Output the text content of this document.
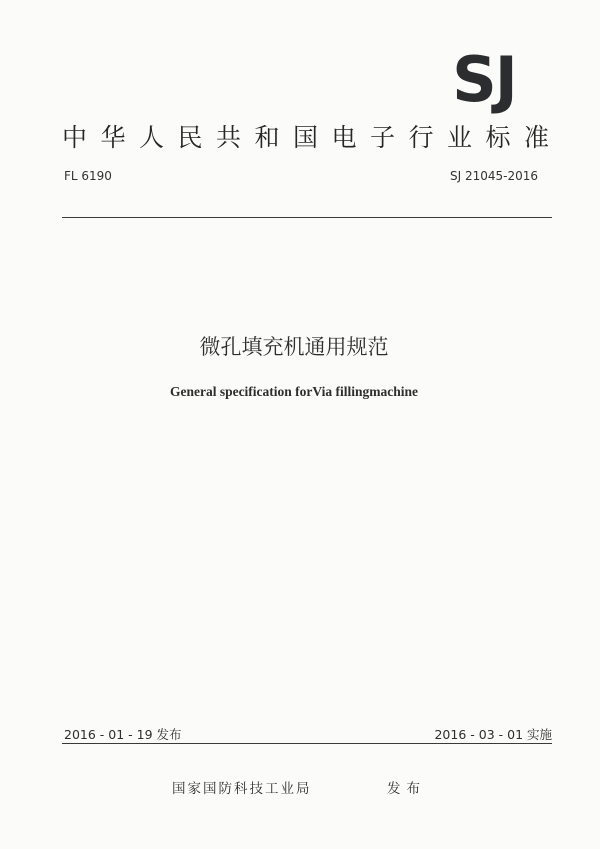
SJ
中华人民共和国电子行业标准
FL 6190	SJ 21045-2016
微孔填充机通用规范
General specification forVia fillingmachine
2016 - 01 - 19 发布	2016 - 03 - 01 实施
国家国防科技工业局	发布
